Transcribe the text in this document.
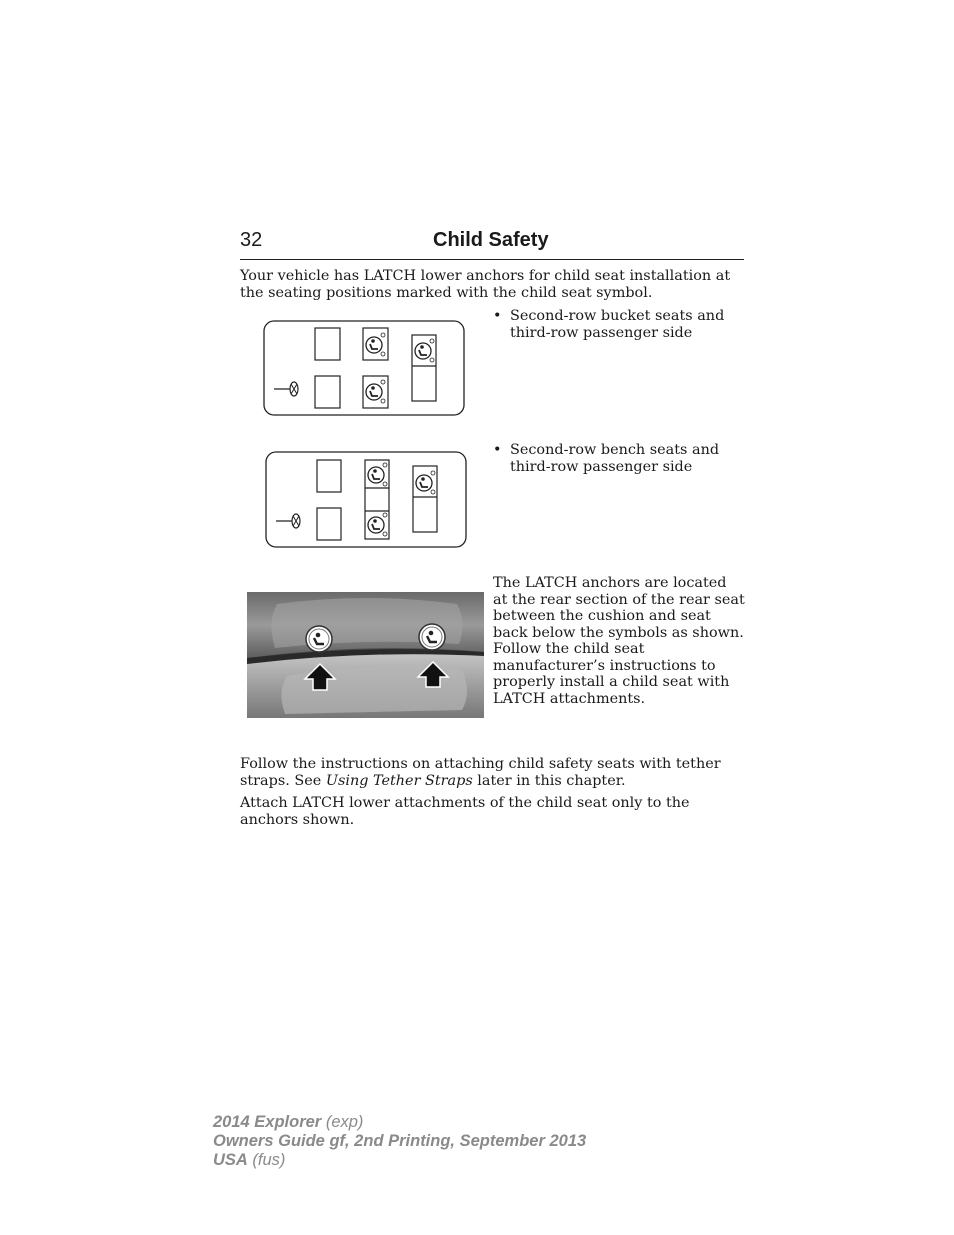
32	Child Safety

Your vehicle has LATCH lower anchors for child seat installation at the seating positions marked with the child seat symbol.

• Second-row bucket seats and third-row passenger side
• Second-row bench seats and third-row passenger side

The LATCH anchors are located at the rear section of the rear seat between the cushion and seat back below the symbols as shown. Follow the child seat manufacturer’s instructions to properly install a child seat with LATCH attachments.

Follow the instructions on attaching child safety seats with tether straps. See Using Tether Straps later in this chapter.

Attach LATCH lower attachments of the child seat only to the anchors shown.

2014 Explorer (exp)
Owners Guide gf, 2nd Printing, September 2013
USA (fus)
